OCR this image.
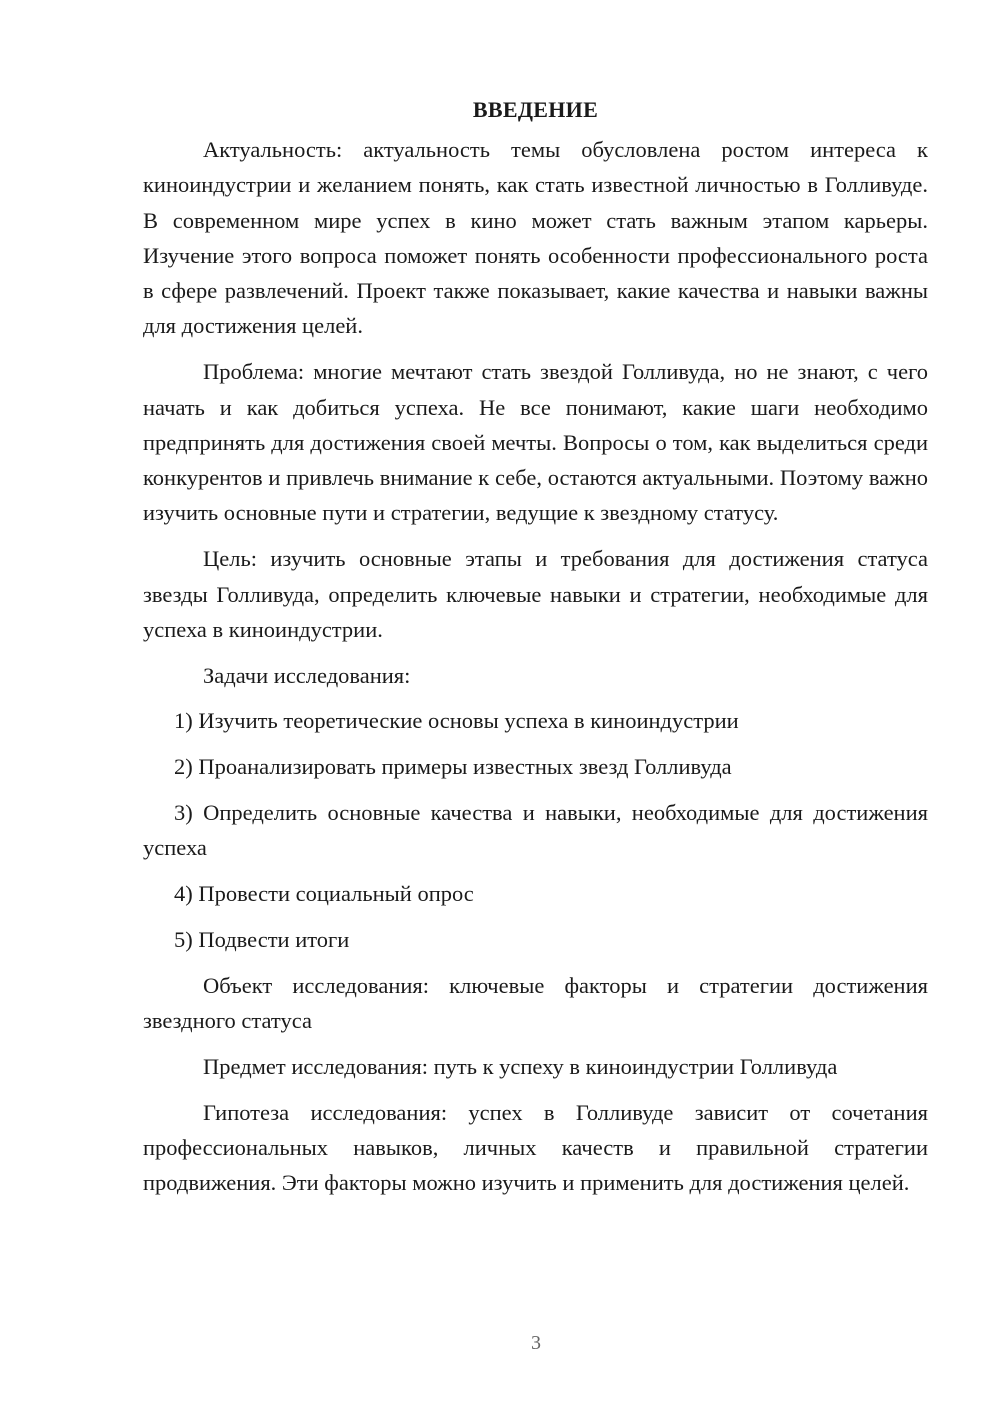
ВВЕДЕНИЕ

Актуальность: актуальность темы обусловлена ростом интереса к киноиндустрии и желанием понять, как стать известной личностью в Голливуде. В современном мире успех в кино может стать важным этапом карьеры. Изучение этого вопроса поможет понять особенности профессионального роста в сфере развлечений. Проект также показывает, какие качества и навыки важны для достижения целей.

Проблема: многие мечтают стать звездой Голливуда, но не знают, с чего начать и как добиться успеха. Не все понимают, какие шаги необходимо предпринять для достижения своей мечты. Вопросы о том, как выделиться среди конкурентов и привлечь внимание к себе, остаются актуальными. Поэтому важно изучить основные пути и стратегии, ведущие к звездному статусу.

Цель: изучить основные этапы и требования для достижения статуса звезды Голливуда, определить ключевые навыки и стратегии, необходимые для успеха в киноиндустрии.

Задачи исследования:

1) Изучить теоретические основы успеха в киноиндустрии

2) Проанализировать примеры известных звезд Голливуда

3) Определить основные качества и навыки, необходимые для достижения успеха

4) Провести социальный опрос

5) Подвести итоги

Объект исследования: ключевые факторы и стратегии достижения звездного статуса

Предмет исследования: путь к успеху в киноиндустрии Голливуда

Гипотеза исследования: успех в Голливуде зависит от сочетания профессиональных навыков, личных качеств и правильной стратегии продвижения. Эти факторы можно изучить и применить для достижения целей.

3
